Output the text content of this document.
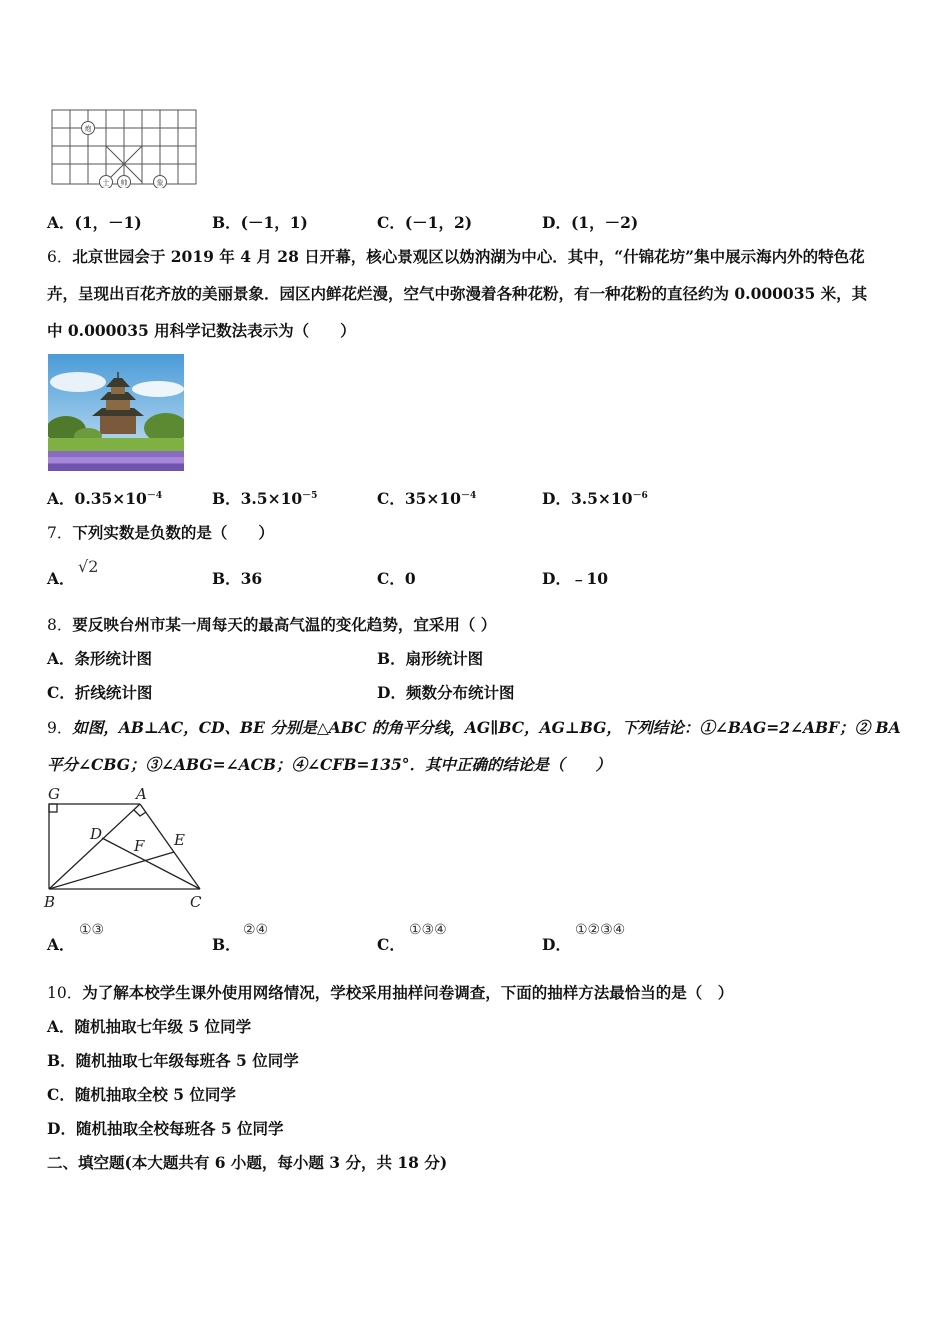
炮
士 帅	象
A．(1，－1)	B．(－1，1)	C．(－1，2)	D．(1，－2)
6．北京世园会于 2019 年 4 月 28 日开幕，核心景观区以妫汭湖为中心．其中，“什锦花坊”集中展示海内外的特色花
卉，呈现出百花齐放的美丽景象．园区内鲜花烂漫，空气中弥漫着各种花粉，有一种花粉的直径约为 0.000035 米，其
中 0.000035 用科学记数法表示为（　　）
A．$0.35\times 10^{-4}$	B．$3.5\times 10^{-5}$	C．$35\times 10^{-4}$	D．$3.5\times 10^{-6}$
7．下列实数是负数的是（　　）
A．
√2
B．36	C．0	D．﹣10
8．要反映台州市某一周每天的最高气温的变化趋势，宜采用（ ）
A．条形统计图	B．扇形统计图
C．折线统计图	D．频数分布统计图
9．如图，AB⊥AC，CD、BE 分别是△ABC 的角平分线，AG∥BC，AG⊥BG，下列结论：①∠BAG=2∠ABF；② BA
平分∠CBG；③∠ABG=∠ACB；④∠CFB=135°．其中正确的结论是（　　）
G	A
D	E
F
B	C
A．
①③
B．
②④
C．
①③④
D．
①②③④
10．为了解本校学生课外使用网络情况，学校采用抽样问卷调查，下面的抽样方法最恰当的是（　）
A．随机抽取七年级 5 位同学
B．随机抽取七年级每班各 5 位同学
C．随机抽取全校 5 位同学
D．随机抽取全校每班各 5 位同学
二、填空题(本大题共有 6 小题，每小题 3 分，共 18 分)
